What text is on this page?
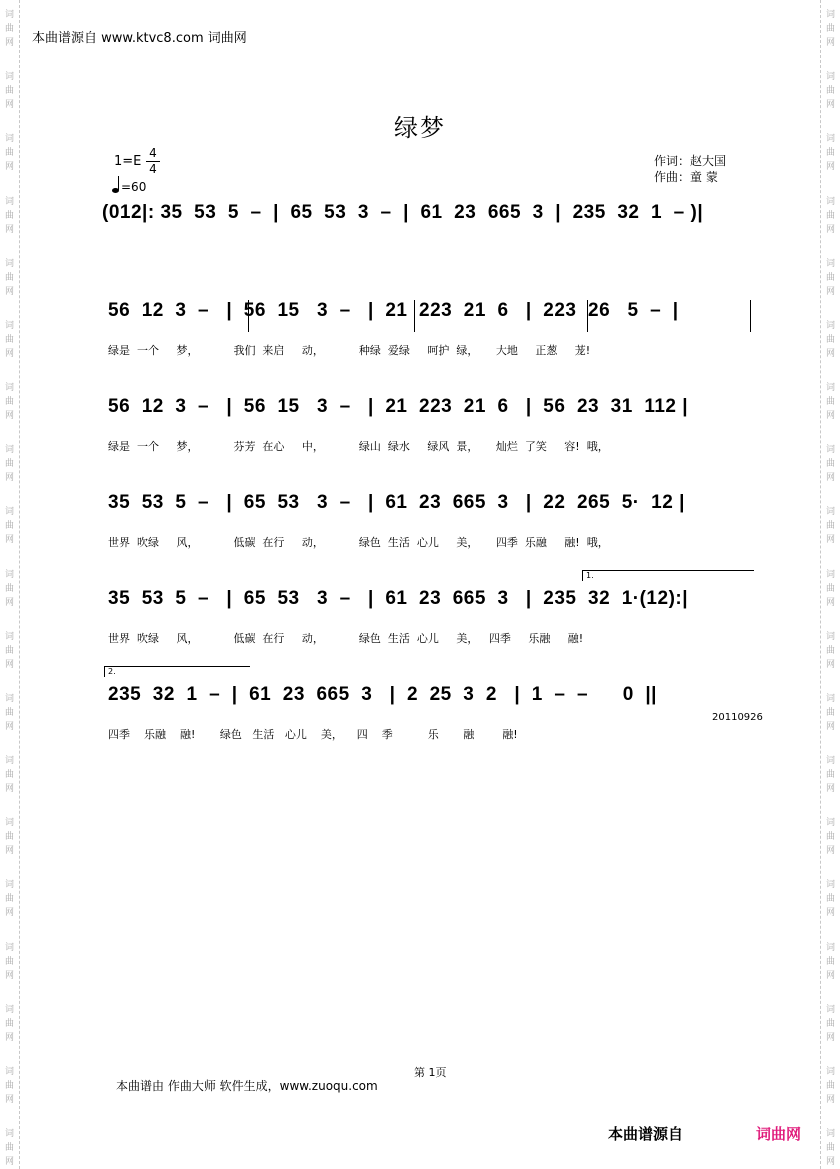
词
曲
网
词
曲
网
词
曲
网
词
曲
网
词
曲
网
词
曲
网
词
曲
网
词
曲
网
词
曲
网
词
曲
网
词
曲
网
词
曲
网
词
曲
网
词
曲
网
词
曲
网
词
曲
网
词
曲
网
词
曲
网
词
曲
网
词
曲
网
词
曲
网
词
曲
网
词
曲
网
词
曲
网
词
曲
网
词
曲
网
词
曲
网
词
曲
网
词
曲
网
词
曲
网
词
曲
网
词
曲
网
词
曲
网
词
曲
网
词
曲
网
词
曲
网
词
曲
网
词
曲
网
本曲谱源自 www.ktvc8.com 词曲网
绿梦
1=E
4
4
=60
作词：赵大国
作曲：童 蒙
(012|: 35  53  5  –  |  65  53  3  –  |  61  23  665  3  |  235  32  1  – )|
56  12  3  –   |  56  15   3  –   |  21  223  21  6   |  223  26   5  –  |
绿是  一个     梦，          我们  来启     动，          种绿  爱绿     呵护  绿，     大地     正葱     茏!
56  12  3  –   |  56  15   3  –   |  21  223  21  6   |  56  23  31  112 |
绿是  一个     梦，          芬芳  在心     中，          绿山  绿水     绿风  景，     灿烂  了笑     容!  哦，
35  53  5  –   |  65  53   3  –   |  61  23  665  3   |  22  265  5·  12 |
世界  吹绿     风，          低碳  在行     动，          绿色  生活  心儿     美，     四季  乐融     融!  哦，
1.
35  53  5  –   |  65  53   3  –   |  61  23  665  3   |  235  32  1·(12):|
世界  吹绿     风，          低碳  在行     动，          绿色  生活  心儿     美，   四季     乐融     融!
2.
235  32  1  –  |  61  23  665  3   |  2  25  3  2   |  1  –  –      0  ||
四季    乐融    融!       绿色   生活   心儿    美，    四    季          乐       融        融!
20110926
第 1页
本曲谱由 作曲大师 软件生成，www.zuoqu.com
本曲谱源自	词曲网
